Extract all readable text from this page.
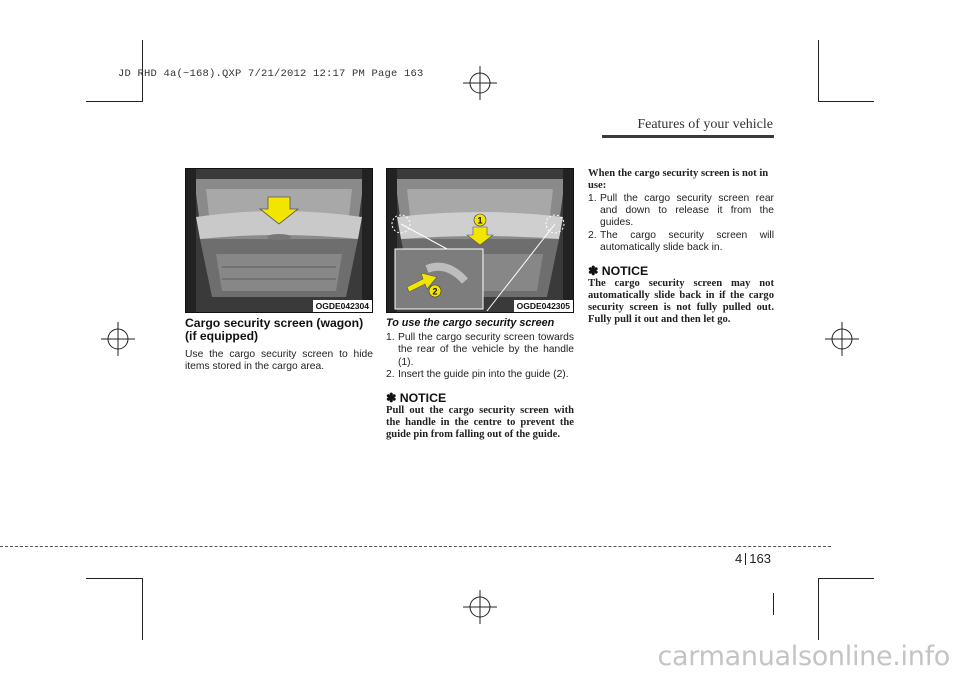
JD RHD 4a(~168).QXP 7/21/2012 12:17 PM Page 163
Features of your vehicle
OGDE042304
1
2
OGDE042305
Cargo security screen (wagon) (if equipped)

Use the cargo security screen to hide items stored in the cargo area.

To use the cargo security screen
1. Pull the cargo security screen towards the rear of the vehicle by the handle (1).
2. Insert the guide pin into the guide (2).
✽ NOTICE

Pull out the cargo security screen with the handle in the centre to prevent the guide pin from falling out of the guide.

When the cargo security screen is not in use:

1. Pull the cargo security screen rear and down to release it from the guides.
2. The cargo security screen will automatically slide back in.
✽ NOTICE

The cargo security screen may not automatically slide back in if the cargo security screen is not fully pulled out. Fully pull it out and then let go.

4 163
carmanualsonline.info
